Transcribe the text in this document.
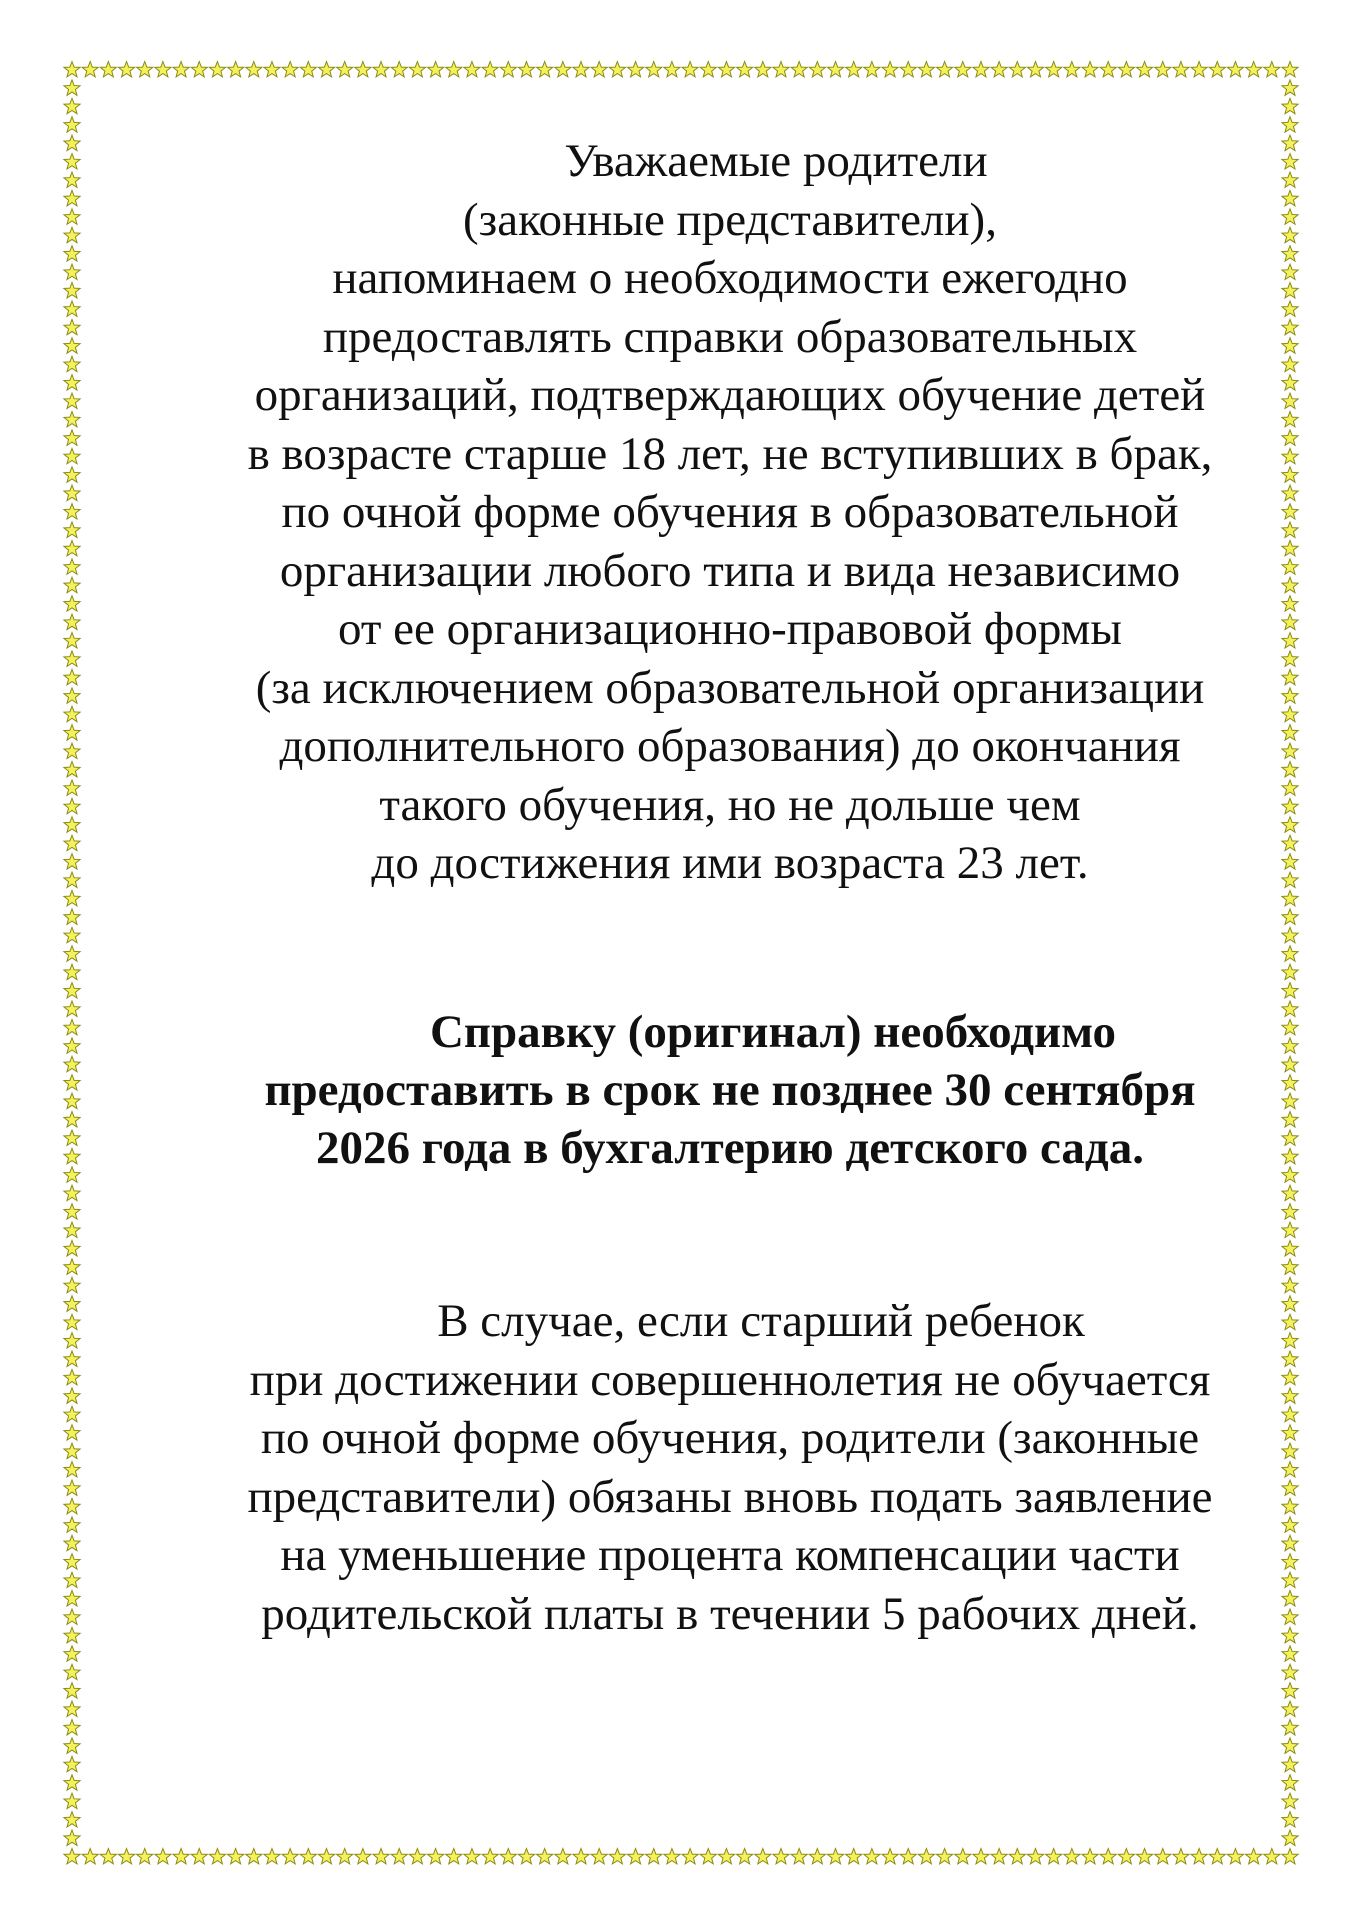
Уважаемые родители
(законные представители),
напоминаем о необходимости ежегодно
предоставлять справки образовательных
организаций, подтверждающих обучение детей
в возрасте старше 18 лет, не вступивших в брак,
по очной форме обучения в образовательной
организации любого типа и вида независимо
от ее организационно-правовой формы
(за исключением образовательной организации
дополнительного образования) до окончания
такого обучения, но не дольше чем
до достижения ими возраста 23 лет.
Справку (оригинал) необходимо
предоставить в срок не позднее 30 сентября
2026 года в бухгалтерию детского сада.
В случае, если старший ребенок
при достижении совершеннолетия не обучается
по очной форме обучения, родители (законные
представители) обязаны вновь подать заявление
на уменьшение процента компенсации части
родительской платы в течении 5 рабочих дней.
